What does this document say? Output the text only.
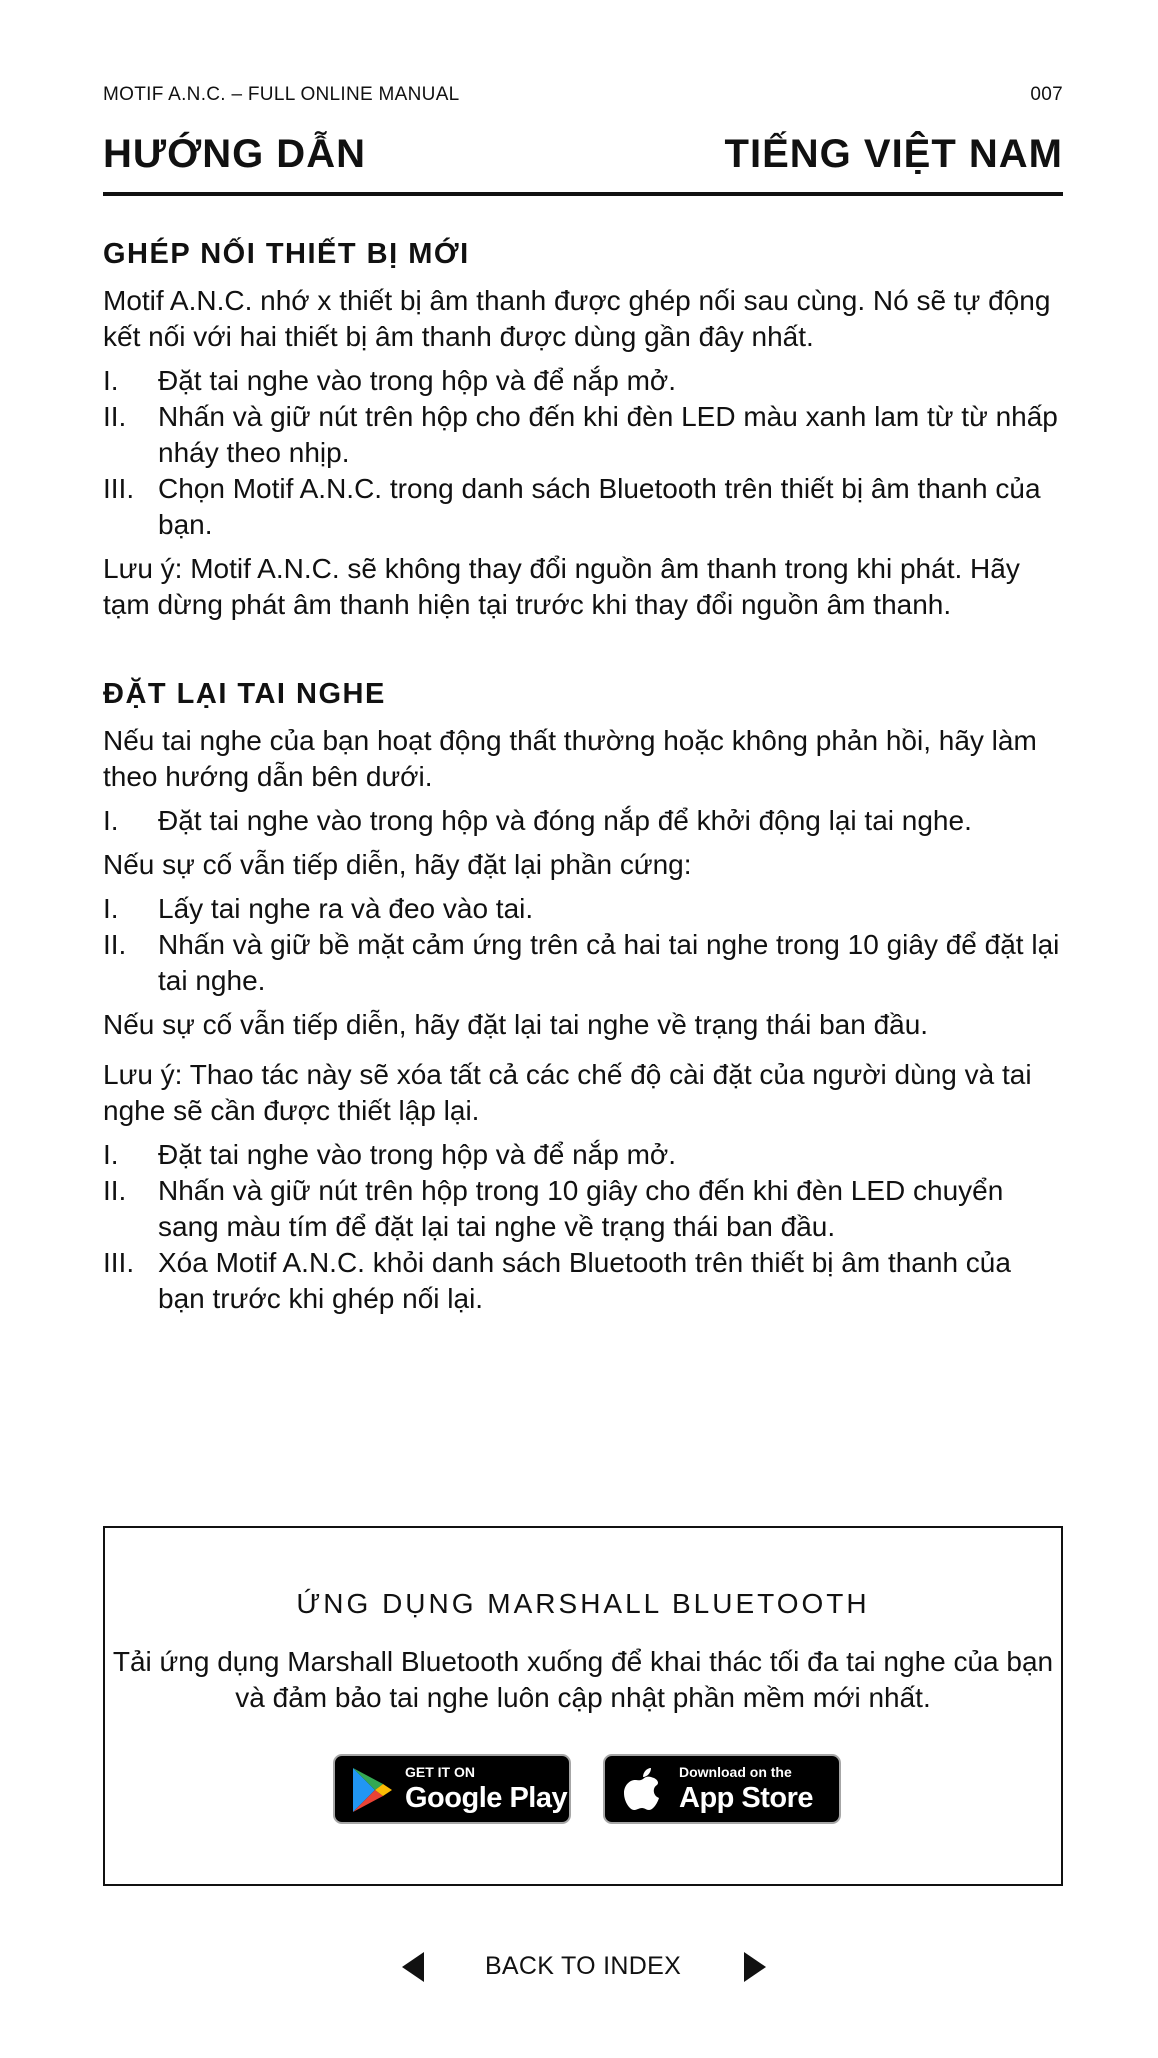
MOTIF A.N.C. – FULL ONLINE MANUAL	007
HƯỚNG DẪN	TIẾNG VIỆT NAM
GHÉP NỐI THIẾT BỊ MỚI

Motif A.N.C. nhớ x thiết bị âm thanh được ghép nối sau cùng. Nó sẽ tự động kết nối với hai thiết bị âm thanh được dùng gần đây nhất.

I. Đặt tai nghe vào trong hộp và để nắp mở.
II. Nhấn và giữ nút trên hộp cho đến khi đèn LED màu xanh lam từ từ nhấp nháy theo nhịp.
III. Chọn Motif A.N.C. trong danh sách Bluetooth trên thiết bị âm thanh của bạn.

Lưu ý: Motif A.N.C. sẽ không thay đổi nguồn âm thanh trong khi phát. Hãy tạm dừng phát âm thanh hiện tại trước khi thay đổi nguồn âm thanh.

ĐẶT LẠI TAI NGHE

Nếu tai nghe của bạn hoạt động thất thường hoặc không phản hồi, hãy làm theo hướng dẫn bên dưới.

I. Đặt tai nghe vào trong hộp và đóng nắp để khởi động lại tai nghe.

Nếu sự cố vẫn tiếp diễn, hãy đặt lại phần cứng:

I. Lấy tai nghe ra và đeo vào tai.
II. Nhấn và giữ bề mặt cảm ứng trên cả hai tai nghe trong 10 giây để đặt lại tai nghe.

Nếu sự cố vẫn tiếp diễn, hãy đặt lại tai nghe về trạng thái ban đầu.

Lưu ý: Thao tác này sẽ xóa tất cả các chế độ cài đặt của người dùng và tai nghe sẽ cần được thiết lập lại.

I. Đặt tai nghe vào trong hộp và để nắp mở.
II. Nhấn và giữ nút trên hộp trong 10 giây cho đến khi đèn LED chuyển sang màu tím để đặt lại tai nghe về trạng thái ban đầu.
III. Xóa Motif A.N.C. khỏi danh sách Bluetooth trên thiết bị âm thanh của bạn trước khi ghép nối lại.
ỨNG DỤNG MARSHALL BLUETOOTH
Tải ứng dụng Marshall Bluetooth xuống để khai thác tối đa tai nghe của bạn và đảm bảo tai nghe luôn cập nhật phần mềm mới nhất.
GET IT ON
Google Play
Download on the
App Store
BACK TO INDEX
